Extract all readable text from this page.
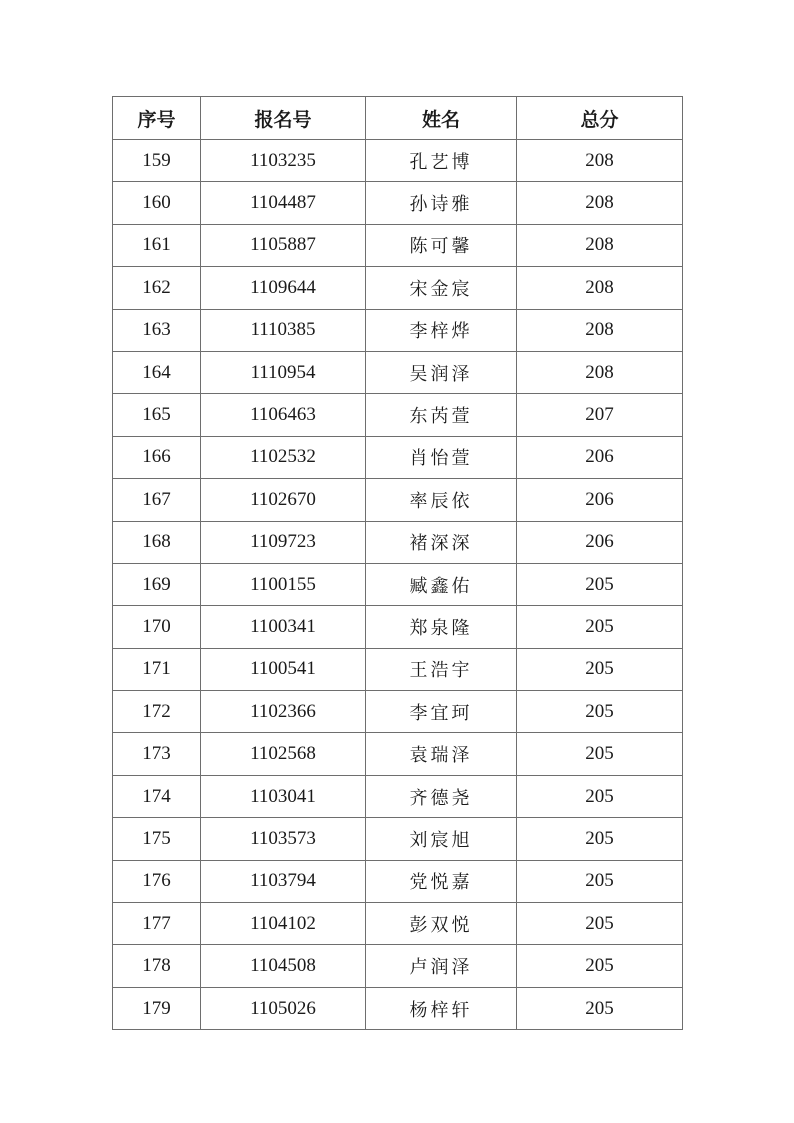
序号	报名号	姓名	总分
159	1103235	孔艺博	208
160	1104487	孙诗雅	208
161	1105887	陈可馨	208
162	1109644	宋金宸	208
163	1110385	李梓烨	208
164	1110954	吴润泽	208
165	1106463	东芮萱	207
166	1102532	肖怡萱	206
167	1102670	率辰依	206
168	1109723	褚深深	206
169	1100155	臧鑫佑	205
170	1100341	郑泉隆	205
171	1100541	王浩宇	205
172	1102366	李宜珂	205
173	1102568	袁瑞泽	205
174	1103041	齐德尧	205
175	1103573	刘宸旭	205
176	1103794	党悦嘉	205
177	1104102	彭双悦	205
178	1104508	卢润泽	205
179	1105026	杨梓轩	205
